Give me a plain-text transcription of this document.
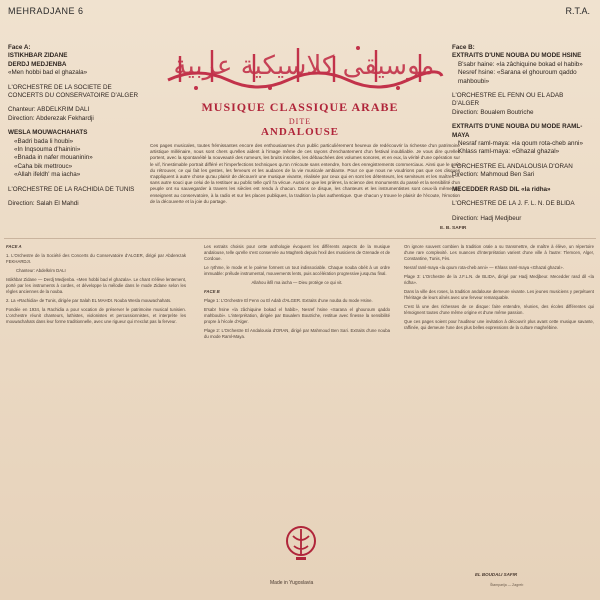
MEHRADJANE 6	R.T.A.
Face A:
ISTIKHBAR ZIDANE
DERDJ MEDJENBA
«Men hobbi bad el ghazala»
L'ORCHESTRE DE LA SOCIETE DE CONCERTS DU CONSERVATOIRE D'ALGER
Chanteur: ABDELKRIM DALI
Direction: Abderezak Fekhardji
WESLA MOUWACHAHATS
«Badri bada li houbi»
«In Inqsouma d'hainini»
«Bnada in nafer mouaninin»
«Caha bik mettrouc»
«Allah ifeldh' ma iacha»
L'ORCHESTRE DE LA RACHIDIA DE TUNIS
Direction: Salah El Mahdi
موسيقى كلاسيكية عربية
MUSIQUE CLASSIQUE ARABE
DITE
ANDALOUSE
Face B:
EXTRAITS D'UNE NOUBA DU MODE HSINE
B'sabr haine: «la zâchiquine bokad el habib»
Nesref hsine: «Sarana el ghouroum qaddo mahboubi»
L'ORCHESTRE EL FENN OU EL ADAB D'ALGER
Direction: Boualem Boutriche
EXTRAITS D'UNE NOUBA DU MODE RAML-MAYA
Nesraf raml-maya: «la qoum rota-cheb anni»
Khlass raml-maya: «Ghazal ghazal»
L'ORCHESTRE EL ANDALOUSIA D'ORAN
Direction: Mahmoud Ben Sari
MECEDDER RASD DIL «la ridha»
L'ORCHESTRE DE LA J. F. L. N. DE BLIDA
Direction: Hadj Medjbeur
Ces pages musicales, toutes frémissantes encore des enthousiasmes d'un public particulièrement heureux de redécouvrir la richesse d'un patrimoine artistique millénaire, nous sont chers qu'elles aident à l'image même de ces rayons d'enchantement d'un festival inoubliable. Je vous dire qu'elles portent, avec la spontanéité la nouveauté des rumeurs, les bruits insolites, les débauchées des volumes sonores, et en eux, la vérité d'une opération sur le vif, l'inestimable portrait différé et l'imperfections techniques qu'on n'écoute sans entendre, hors des enregistrements commerciaux. Ainsi que le goût du rétrouver, ce qui fait les gestes, les ferveurs et les audaces de la vie musicale ambiante. Pour ce que nous ne voudrions pas que ces disques s'appliquent à autre chose qu'au plaisir de découvrir une musique vivante, réalisée par ceux qui en sont les détenteurs, les serviteurs et les maîtres — sans autre souci que celui de la restituer au public telle qu'il l'a vécue. Aussi ce que les prières, la science des monuments du passé et la sensibilité d'un peuple ont su sauvegarder à travers les siècles est rendu à chacun. Dans ce disque, les chanteurs et les instrumentistes sont ceux-là même qui enseignent au conservatoire, à la radio et sur les places publiques, la tradition la plus authentique. Que chacun y trouve le plaisir de l'écoute, l'émotion de la découverte et la joie du partage.
E. B. SAFIR
FACE A
1. L'Orchestre de la Société des Concerts du Conservatoire d'ALGER, dirigé par Abderezak FEKHARDJI.
Chanteur: Abdelkrim DALI
Istikhbar Zidane — Derdj Medjenba. «Men hobbi bad el ghazala». Le chant s'élève lentement, porté par les instruments à cordes, et développe la mélodie dans le mode Zidane selon les règles anciennes de la nouba.
2. La «Rachidia» de Tunis, dirigée par Salah EL MAHDI. Nouba Wesla mouwachahats.
Fondée en 1934, la Rachidia a pour vocation de préserver le patrimoine musical tunisien. L'orchestre réunit chanteurs, luthistes, violonistes et percussionnistes, et interprète les mouwachahats dans leur forme traditionnelle, avec une rigueur qui n'exclut pas la ferveur.
Les extraits choisis pour cette anthologie évoquent les différents aspects de la musique andalouse, telle qu'elle s'est conservée au Maghreb depuis l'exil des musiciens de Grenade et de Cordoue.
Le rythme, le mode et le poème forment un tout indissociable. Chaque nouba obéit à un ordre immuable: prélude instrumental, mouvements lents, puis accélération progressive jusqu'au final.
Allahou ikfil ma iacha — Dieu protège ce qui vit.
FACE B
Plage 1: L'Orchestre El Fenn ou El Adab d'ALGER. Extraits d'une nouba du mode Hsine.
B'sabr hsine «la zâchiquine bokad el habib», Nesref hsine «Sarana el ghouroum qaddo mahboubi». L'interprétation, dirigée par Boualem Boutriche, restitue avec finesse la sensibilité propre à l'école d'Alger.
Plage 2: L'Orchestre El Andalousia d'ORAN, dirigé par Mahmoud Ben Sari. Extraits d'une nouba du mode Raml-Maya.
On ignore souvent combien la tradition orale a su transmettre, de maître à élève, un répertoire d'une rare complexité. Les nuances d'interprétation varient d'une ville à l'autre: Tlemcen, Alger, Constantine, Tunis, Fès.
Nesraf raml-maya «la qoum rota-cheb anni» — Khlass raml-maya «Ghazal ghazal».
Plage 3: L'Orchestre de la J.F.L.N. de BLIDA, dirigé par Hadj Medjbeur. Mecedder rasd dil «la ridha».
Dans la ville des roses, la tradition andalouse demeure vivante. Les jeunes musiciens y perpétuent l'héritage de leurs aînés avec une ferveur remarquable.
C'est là une des richesses de ce disque: faire entendre, réunies, des écoles différentes qui témoignent toutes d'une même origine et d'une même passion.
Que ces pages soient pour l'auditeur une invitation à découvrir plus avant cette musique savante, raffinée, qui demeure l'une des plus belles expressions de la culture maghrébine.
Made in Yugoslavia
EL BOUDALI SAFIR
Štamparija — Zagreb
